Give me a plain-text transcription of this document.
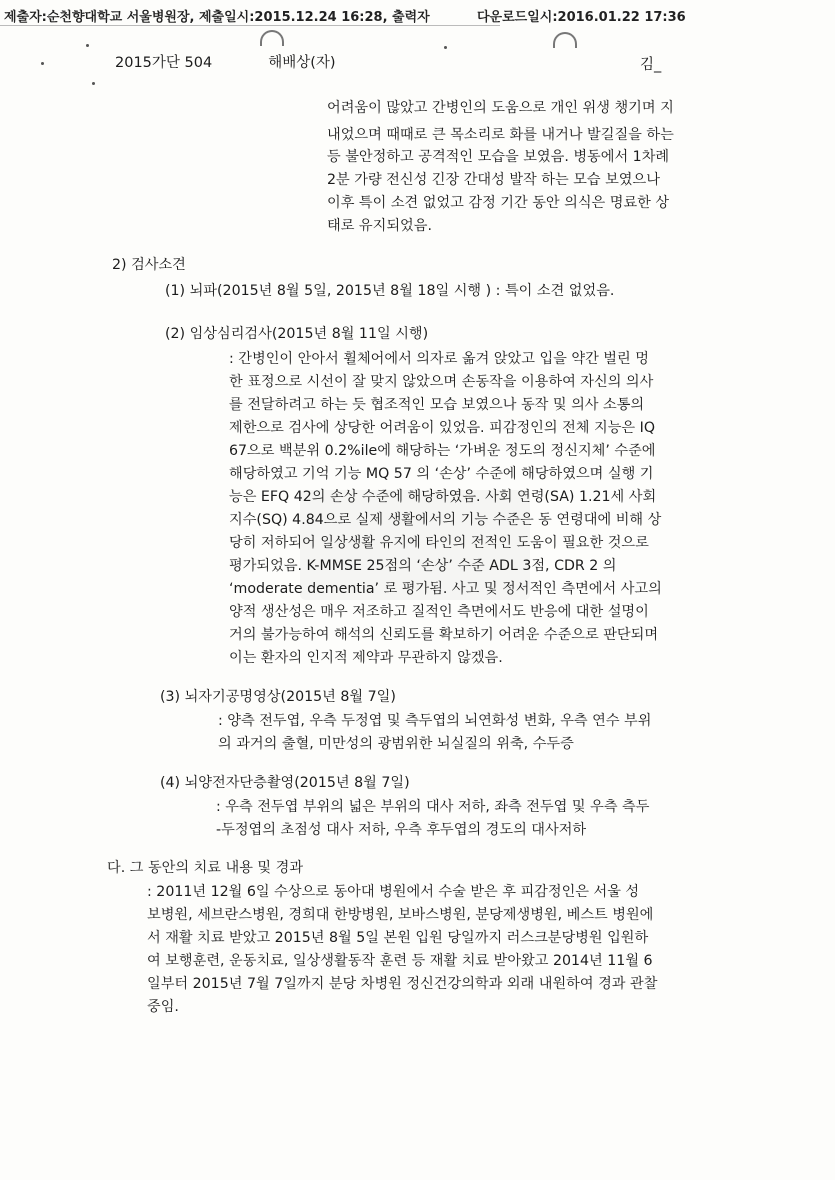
제출자:순천향대학교 서울병원장, 제출일시:2015.12.24 16:28, 출력자	다운로드일시:2016.01.22 17:36
2015가단 504	해배상(자)	김_
어려움이 많았고 간병인의 도움으로 개인 위생 챙기며 지
내었으며 때때로 큰 목소리로 화를 내거나 발길질을 하는
등 불안정하고 공격적인 모습을 보였음. 병동에서 1차례
2분 가량 전신성 긴장 간대성 발작 하는 모습 보였으나
이후 특이 소견 없었고 감정 기간 동안 의식은 명료한 상
태로 유지되었음.
2) 검사소견
(1) 뇌파(2015년 8월 5일, 2015년 8월 18일 시행 ) : 특이 소견 없었음.
(2) 임상심리검사(2015년 8월 11일 시행)
: 간병인이 안아서 휠체어에서 의자로 옮겨 앉았고 입을 약간 벌린 멍
한 표정으로 시선이 잘 맞지 않았으며 손동작을 이용하여 자신의 의사
를 전달하려고 하는 듯 협조적인 모습 보였으나 동작 및 의사 소통의
제한으로 검사에 상당한 어려움이 있었음. 피감정인의 전체 지능은 IQ
67으로 백분위 0.2%ile에 해당하는 ‘가벼운 정도의 정신지체’ 수준에
해당하였고 기억 기능 MQ 57 의 ‘손상’ 수준에 해당하였으며 실행 기
능은 EFQ 42의 손상 수준에 해당하였음. 사회 연령(SA) 1.21세 사회
지수(SQ) 4.84으로 실제 생활에서의 기능 수준은 동 연령대에 비해 상
당히 저하되어 일상생활 유지에 타인의 전적인 도움이 필요한 것으로
평가되었음. K-MMSE 25점의 ‘손상’ 수준 ADL 3점, CDR 2 의
‘moderate dementia’ 로 평가됨. 사고 및 정서적인 측면에서 사고의
양적 생산성은 매우 저조하고 질적인 측면에서도 반응에 대한 설명이
거의 불가능하여 해석의 신뢰도를 확보하기 어려운 수준으로 판단되며
이는 환자의 인지적 제약과 무관하지 않겠음.
(3) 뇌자기공명영상(2015년 8월 7일)
: 양측 전두엽, 우측 두정엽 및 측두엽의 뇌연화성 변화, 우측 연수 부위
의 과거의 출혈, 미만성의 광범위한 뇌실질의 위축, 수두증
(4) 뇌양전자단층촬영(2015년 8월 7일)
: 우측 전두엽 부위의 넓은 부위의 대사 저하, 좌측 전두엽 및 우측 측두
-두정엽의 초점성 대사 저하, 우측 후두엽의 경도의 대사저하
다. 그 동안의 치료 내용 및 경과
: 2011년 12월 6일 수상으로 동아대 병원에서 수술 받은 후 피감정인은 서울 성
보병원, 세브란스병원, 경희대 한방병원, 보바스병원, 분당제생병원, 베스트 병원에
서 재활 치료 받았고 2015년 8월 5일 본원 입원 당일까지 러스크분당병원 입원하
여 보행훈련, 운동치료, 일상생활동작 훈련 등 재활 치료 받아왔고 2014년 11월 6
일부터 2015년 7월 7일까지 분당 차병원 정신건강의학과 외래 내원하여 경과 관찰
중임.
